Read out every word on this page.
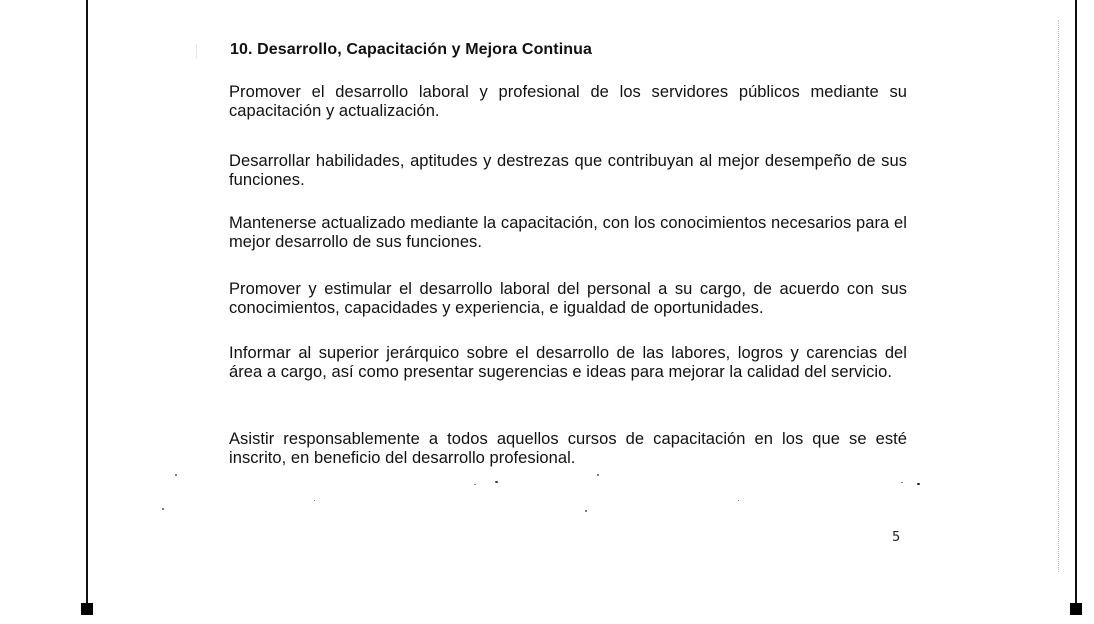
10. Desarrollo, Capacitación y Mejora Continua
Promover el desarrollo laboral y profesional de los servidores públicos mediante su capacitación y actualización.
Desarrollar habilidades, aptitudes y destrezas que contribuyan al mejor desempeño de sus funciones.
Mantenerse actualizado mediante la capacitación, con los conocimientos necesarios para el mejor desarrollo de sus funciones.
Promover y estimular el desarrollo laboral del personal a su cargo, de acuerdo con sus conocimientos, capacidades y experiencia, e igualdad de oportunidades.
Informar al superior jerárquico sobre el desarrollo de las labores, logros y carencias del área a cargo, así como presentar sugerencias e ideas para mejorar la calidad del servicio.
Asistir responsablemente a todos aquellos cursos de capacitación en los que se esté inscrito, en beneficio del desarrollo profesional.
5
